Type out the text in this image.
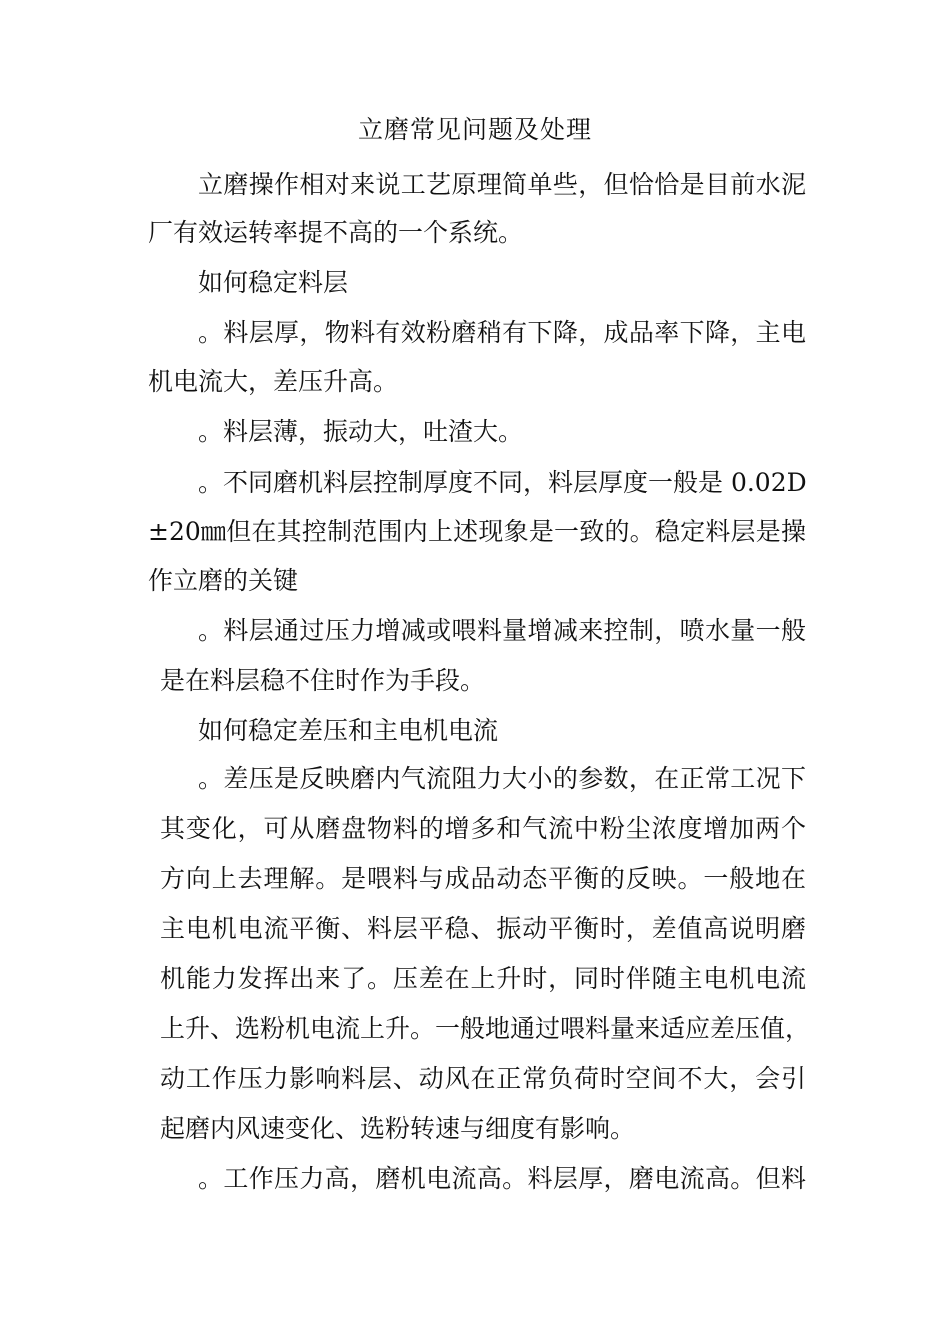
立磨常见问题及处理
立磨操作相对来说工艺原理简单些，但恰恰是目前水泥
厂有效运转率提不高的一个系统。
如何稳定料层
。料层厚，物料有效粉磨稍有下降，成品率下降，主电
机电流大，差压升高。
。料层薄，振动大，吐渣大。
。不同磨机料层控制厚度不同，料层厚度一般是 0.02D
±20㎜但在其控制范围内上述现象是一致的。稳定料层是操
作立磨的关键
。料层通过压力增减或喂料量增减来控制，喷水量一般
是在料层稳不住时作为手段。
如何稳定差压和主电机电流
。差压是反映磨内气流阻力大小的参数，在正常工况下
其变化，可从磨盘物料的增多和气流中粉尘浓度增加两个
方向上去理解。是喂料与成品动态平衡的反映。一般地在
主电机电流平衡、料层平稳、振动平衡时，差值高说明磨
机能力发挥出来了。压差在上升时，同时伴随主电机电流
上升、选粉机电流上升。一般地通过喂料量来适应差压值，
动工作压力影响料层、动风在正常负荷时空间不大，会引
起磨内风速变化、选粉转速与细度有影响。
。工作压力高，磨机电流高。料层厚，磨电流高。但料
